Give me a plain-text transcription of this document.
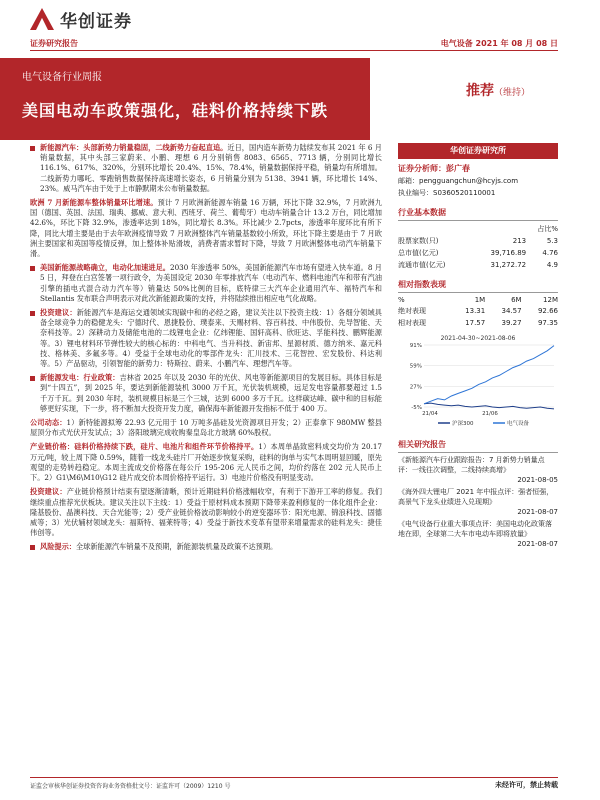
华创证券
证券研究报告	电气设备 2021 年 08 月 08 日
电气设备行业周报
美国电动车政策强化，硅料价格持续下跌
推荐（维持）
新能源汽车：头部新势力销量稳固，二线新势力奋起直追。近日，国内造车新势力陆续发布其 2021 年 6 月销量数据，其中头部三家蔚来、小鹏、理想 6 月分别销售 8083、6565、7713 辆，分别同比增长 116.1%、617%、320%，分别环比增长 20.4%、15%、78.4%，销量数据保持平稳，销量均有所增加。二线新势力哪吒、零跑销售数据保持高速增长姿态，6 月销量分别为 5138、3941 辆，环比增长 14%、23%。威马汽车由于处于上市静默期未公布销量数据。
欧洲 7 月新能源车整体销量环比增速。预计 7 月欧洲新能源车销量 16 万辆，环比下降 32.9%，7 月欧洲九国（德国、英国、法国、瑞典、挪威、意大利、西班牙、荷兰、葡萄牙）电动车销量合计 13.2 万台，同比增加 42.6%，环比下降 32.9%，渗透率达到 18%，同比增长 8.3%。环比减少 2.7pcts，渗透率年度环比有所下降，同比大增主要是由于去年欧洲疫情导致 7 月欧洲整体汽车销量基数较小所致，环比下降主要是由于 7 月欧洲主要国家和英国等疫情反弹，加上整体补贴滑坡，消费者需求暂时下降，导致 7 月欧洲整体电动汽车销量下滑。
美国新能源战略确立，电动化加速进足。2030 年渗透率 50%，美国新能源汽车市场有望进入快车道。8 月 5 日，拜登在白宫签署一项行政令，为美国设定 2030 年零排放汽车（电动汽车、燃料电池汽车和带有汽油引擎的插电式混合动力汽车等）销量达 50%比例的目标，底特律三大汽车企业通用汽车、福特汽车和 Stellantis 发布联合声明表示对此次新能源政策的支持，并将陆续推出相应电气化战略。
投资建议：新能源汽车是海运交通领域实现碳中和的必经之路，建议关注以下投资主线：1）各细分领域具备全球竞争力的稳健龙头：宁德时代、恩捷股份、璞泰来、天赐材料、容百科技、中伟股份、先导智能、天奈科技等。2）深耕动力及储能电池的二线锂电企业：亿纬锂能、国轩高科、欣旺达、孚能科技、鹏辉能源等。3）锂电材料环节弹性较大的核心标的：中科电气、当升科技、新宙邦、星源材质、德方纳米、嘉元科技、格林美、多氟多等。4）受益于全球电动化的零部件龙头：汇川技术、三花智控、宏发股份、科达利等。5）产品驱动，引领智能的新势力：特斯拉、蔚来、小鹏汽车、理想汽车等。
新能源发电：行业政策：吉林省 2025 年以及 2030 年的光伏、风电等新能源项目的发展目标。具体目标是到“十四五”，到 2025 年，要达到新能源装机 3000 万千瓦，光伏装机规模，远足发电容量都要超过 1.5 千万千瓦。到 2030 年时，装机规模目标是三个三城，达到 6000 多万千瓦。这样碳达峰、碳中和的目标能够更好实现，下一步，将不断加大投资开发力度，确保海车新能源开发指标不低于 400 万。
公司动态：1）新特能源拟筹 22.93 亿元用于 10 万吨多晶硅及光资源项目开发；2）正泰拿下 980MW 整县屋顶分布式光伏开发试点；3）洛阳玻璃完成收购秦皇岛北方玻璃 60%股权。
产业链价格：硅料价格持续下跌，硅片、电池片和组件环节价格持平。1）本周单晶致密料成交均价为 20.17 万元/吨，较上周下降 0.59%，随着一线龙头硅片厂开始逐步恢复采购，硅料的询单与实气本周明显回暖，原先观望的走势转趋稳定。本周主流成交价格落在每公斤 195-206 元人民币之间，均价约落在 202 元人民币上下。2）G1\M6\M10\G12 硅片成交价本周价格持平运行。3）电池片价格没有明显变动。
投资建议：产业链价格预计结束有望逐渐清晰，预计近期硅料价格涨幅收窄，有利于下游开工率的修复。我们继续重点推荐光伏板块。建议关注以下主线：1）受益于原材料成本预期下降带来盈利修复的一体化组件企业：隆基股份、晶澳科技、天合光能等；2）受产业链价格波动影响较小的逆变器环节：阳光电源、锦浪科技、固德威等；3）光伏辅材领域龙头：福斯特、福莱特等；4）受益于新技术变革有望带来增量需求的硅料龙头：捷佳伟创等。
风险提示：全球新能源汽车销量不及预期，新能源装机量及政策不达预期。
华创证券研究所
证券分析师：彭广春
邮箱：pengguangchun@hcyjs.com
执业编号：S0360520110001
行业基本数据
		占比%
股票家数(只)	213	5.3
总市值(亿元)	39,716.89	4.76
流通市值(亿元)	31,272.72	4.9
相对指数表现
%	1M	6M	12M
绝对表现	13.31	34.57	92.66
相对表现	17.57	39.27	97.35
2021-04-30~2021-08-06
91%
59%
27%
-5%
21/04	21/06
沪深300	电气设备
相关研究报告
《新能源汽车行业跟踪报告：7 月新势力销量点评：一线往次调整，二线持续高增》
2021-08-05
《海外四大锂电厂 2021 年中报点评：强者恒强，高景气下龙头业绩进入兑现期》
2021-08-07
《电气设备行业重大事项点评：美国电动化政策落地在即，全球第二大车市电动车即将放量》
2021-08-07
证监会审核华创证券投资咨询业务资格批文号：证监许可（2009）1210 号	未经许可，禁止转载
